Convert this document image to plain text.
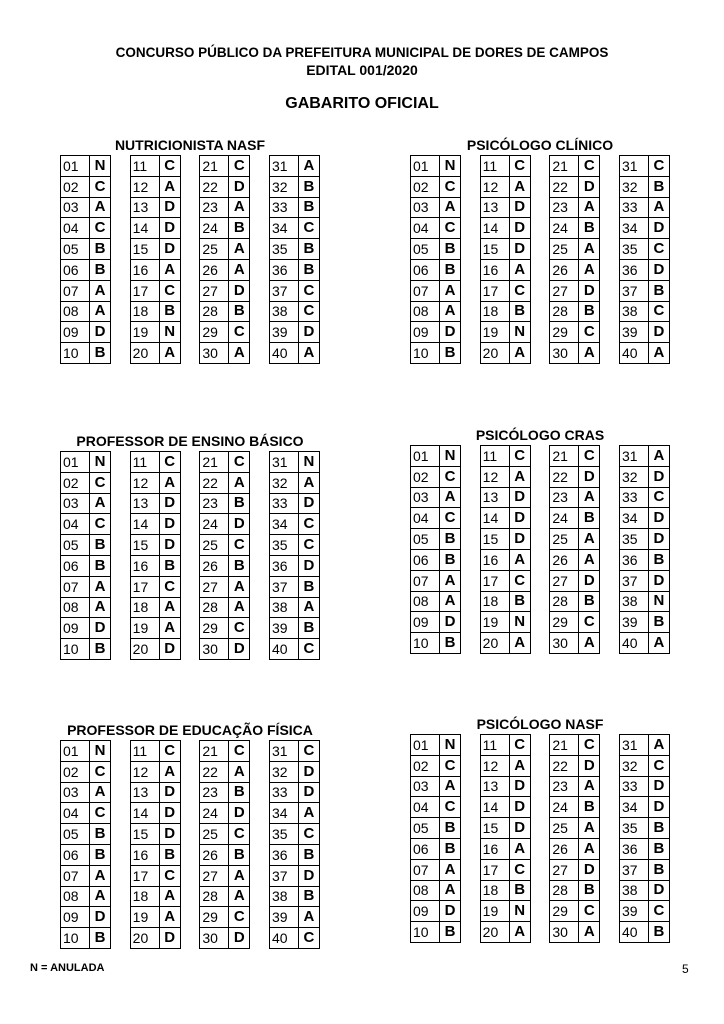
CONCURSO PÚBLICO DA PREFEITURA MUNICIPAL DE DORES DE CAMPOS
EDITAL 001/2020
GABARITO OFICIAL
NUTRICIONISTA NASF
01	N
02	C
03	A
04	C
05	B
06	B
07	A
08	A
09	D
10	B
11	C
12	A
13	D
14	D
15	D
16	A
17	C
18	B
19	N
20	A
21	C
22	D
23	A
24	B
25	A
26	A
27	D
28	B
29	C
30	A
31	A
32	B
33	B
34	C
35	B
36	B
37	C
38	C
39	D
40	A
PSICÓLOGO CLÍNICO
01	N
02	C
03	A
04	C
05	B
06	B
07	A
08	A
09	D
10	B
11	C
12	A
13	D
14	D
15	D
16	A
17	C
18	B
19	N
20	A
21	C
22	D
23	A
24	B
25	A
26	A
27	D
28	B
29	C
30	A
31	C
32	B
33	A
34	D
35	C
36	D
37	B
38	C
39	D
40	A
PROFESSOR DE ENSINO BÁSICO
01	N
02	C
03	A
04	C
05	B
06	B
07	A
08	A
09	D
10	B
11	C
12	A
13	D
14	D
15	D
16	B
17	C
18	A
19	A
20	D
21	C
22	A
23	B
24	D
25	C
26	B
27	A
28	A
29	C
30	D
31	N
32	A
33	D
34	C
35	C
36	D
37	B
38	A
39	B
40	C
PSICÓLOGO CRAS
01	N
02	C
03	A
04	C
05	B
06	B
07	A
08	A
09	D
10	B
11	C
12	A
13	D
14	D
15	D
16	A
17	C
18	B
19	N
20	A
21	C
22	D
23	A
24	B
25	A
26	A
27	D
28	B
29	C
30	A
31	A
32	D
33	C
34	D
35	D
36	B
37	D
38	N
39	B
40	A
PROFESSOR DE EDUCAÇÃO FÍSICA
01	N
02	C
03	A
04	C
05	B
06	B
07	A
08	A
09	D
10	B
11	C
12	A
13	D
14	D
15	D
16	B
17	C
18	A
19	A
20	D
21	C
22	A
23	B
24	D
25	C
26	B
27	A
28	A
29	C
30	D
31	C
32	D
33	D
34	A
35	C
36	B
37	D
38	B
39	A
40	C
PSICÓLOGO NASF
01	N
02	C
03	A
04	C
05	B
06	B
07	A
08	A
09	D
10	B
11	C
12	A
13	D
14	D
15	D
16	A
17	C
18	B
19	N
20	A
21	C
22	D
23	A
24	B
25	A
26	A
27	D
28	B
29	C
30	A
31	A
32	C
33	D
34	D
35	B
36	B
37	B
38	D
39	C
40	B
N = ANULADA	5
